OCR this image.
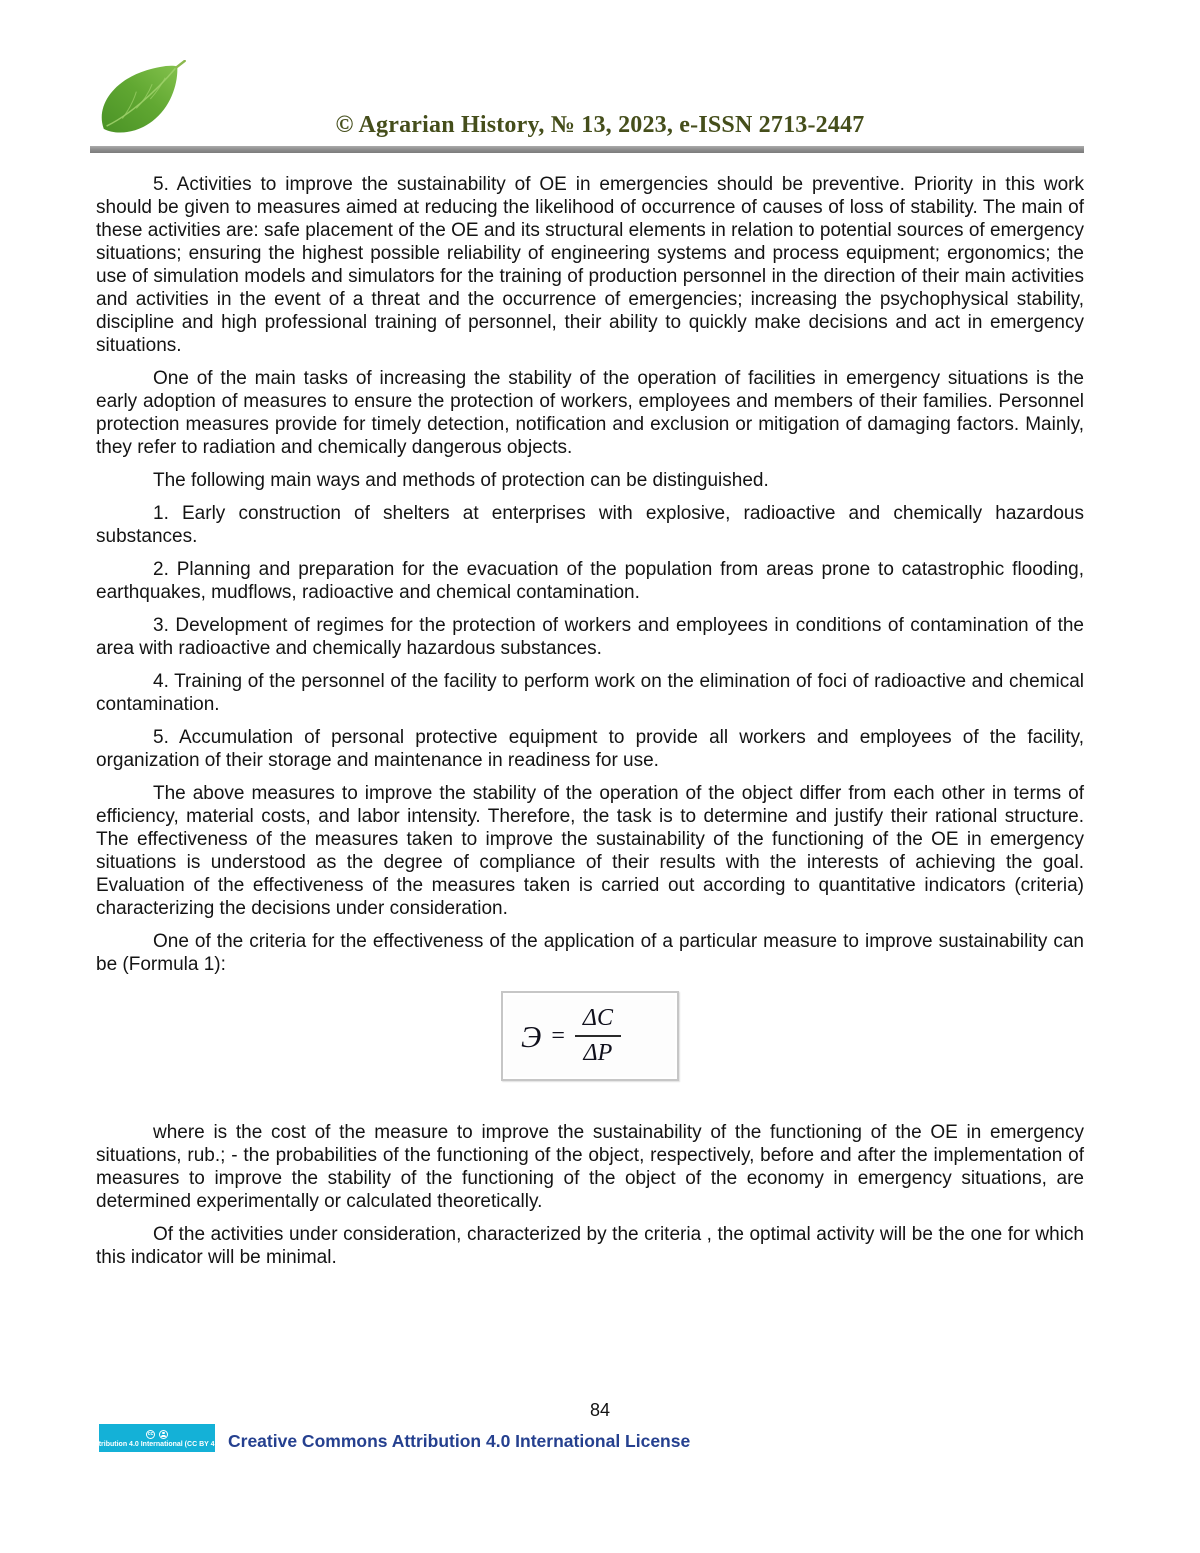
© Agrarian History, № 13, 2023, e-ISSN 2713-2447

5. Activities to improve the sustainability of OE in emergencies should be preventive. Priority in this work should be given to measures aimed at reducing the likelihood of occurrence of causes of loss of stability. The main of these activities are: safe placement of the OE and its structural elements in relation to potential sources of emergency situations; ensuring the highest possible reliability of engineering systems and process equipment; ergonomics; the use of simulation models and simulators for the training of production personnel in the direction of their main activities and activities in the event of a threat and the occurrence of emergencies; increasing the psychophysical stability, discipline and high professional training of personnel, their ability to quickly make decisions and act in emergency situations.

One of the main tasks of increasing the stability of the operation of facilities in emergency situations is the early adoption of measures to ensure the protection of workers, employees and members of their families. Personnel protection measures provide for timely detection, notification and exclusion or mitigation of damaging factors. Mainly, they refer to radiation and chemically dangerous objects.

The following main ways and methods of protection can be distinguished.

1. Early construction of shelters at enterprises with explosive, radioactive and chemically hazardous substances.

2. Planning and preparation for the evacuation of the population from areas prone to catastrophic flooding, earthquakes, mudflows, radioactive and chemical contamination.

3. Development of regimes for the protection of workers and employees in conditions of contamination of the area with radioactive and chemically hazardous substances.

4. Training of the personnel of the facility to perform work on the elimination of foci of radioactive and chemical contamination.

5. Accumulation of personal protective equipment to provide all workers and employees of the facility, organization of their storage and maintenance in readiness for use.

The above measures to improve the stability of the operation of the object differ from each other in terms of efficiency, material costs, and labor intensity. Therefore, the task is to determine and justify their rational structure. The effectiveness of the measures taken to improve the sustainability of the functioning of the OE in emergency situations is understood as the degree of compliance of their results with the interests of achieving the goal. Evaluation of the effectiveness of the measures taken is carried out according to quantitative indicators (criteria) characterizing the decisions under consideration.

One of the criteria for the effectiveness of the application of a particular measure to improve sustainability can be (Formula 1):

$Э = \frac{\Delta C}{\Delta P}$

where is the cost of the measure to improve the sustainability of the functioning of the OE in emergency situations, rub.; - the probabilities of the functioning of the object, respectively, before and after the implementation of measures to improve the stability of the functioning of the object of the economy in emergency situations, are determined experimentally or calculated theoretically.

Of the activities under consideration, characterized by the criteria , the optimal activity will be the one for which this indicator will be minimal.

84
cc
Attribution 4.0 International (CC BY 4.0) Creative Commons Attribution 4.0 International License
